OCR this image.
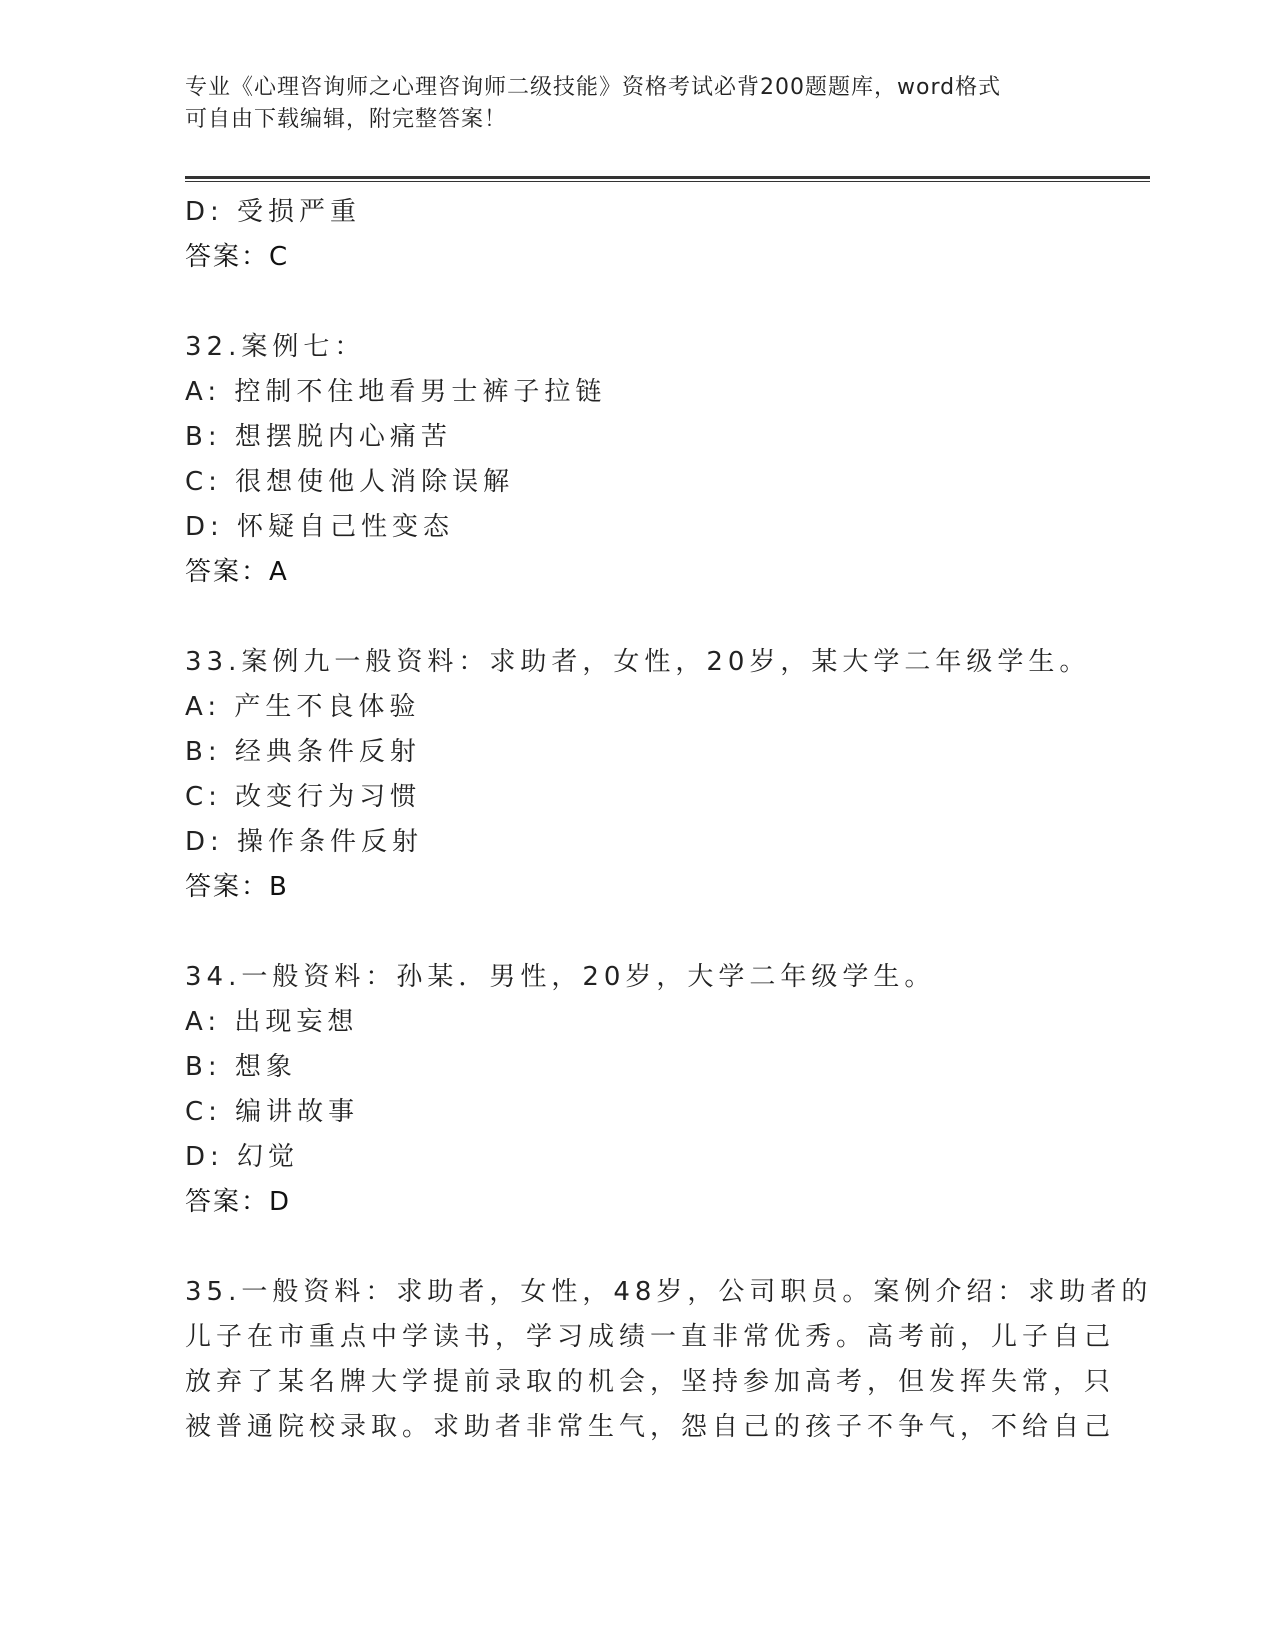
专业《心理咨询师之心理咨询师二级技能》资格考试必背200题题库，word格式
可自由下载编辑，附完整答案！
D: 受损严重
答案：C
32.案例七：
A: 控制不住地看男士裤子拉链
B: 想摆脱内心痛苦
C: 很想使他人消除误解
D: 怀疑自己性变态
答案：A
33.案例九一般资料：求助者，女性，20岁，某大学二年级学生。
A: 产生不良体验
B: 经典条件反射
C: 改变行为习惯
D: 操作条件反射
答案：B
34.一般资料：孙某．男性，20岁，大学二年级学生。
A: 出现妄想
B: 想象
C: 编讲故事
D: 幻觉
答案：D
35.一般资料：求助者，女性，48岁，公司职员。案例介绍：求助者的
儿子在市重点中学读书，学习成绩一直非常优秀。高考前，儿子自己
放弃了某名牌大学提前录取的机会，坚持参加高考，但发挥失常，只
被普通院校录取。求助者非常生气，怨自己的孩子不争气，不给自己
